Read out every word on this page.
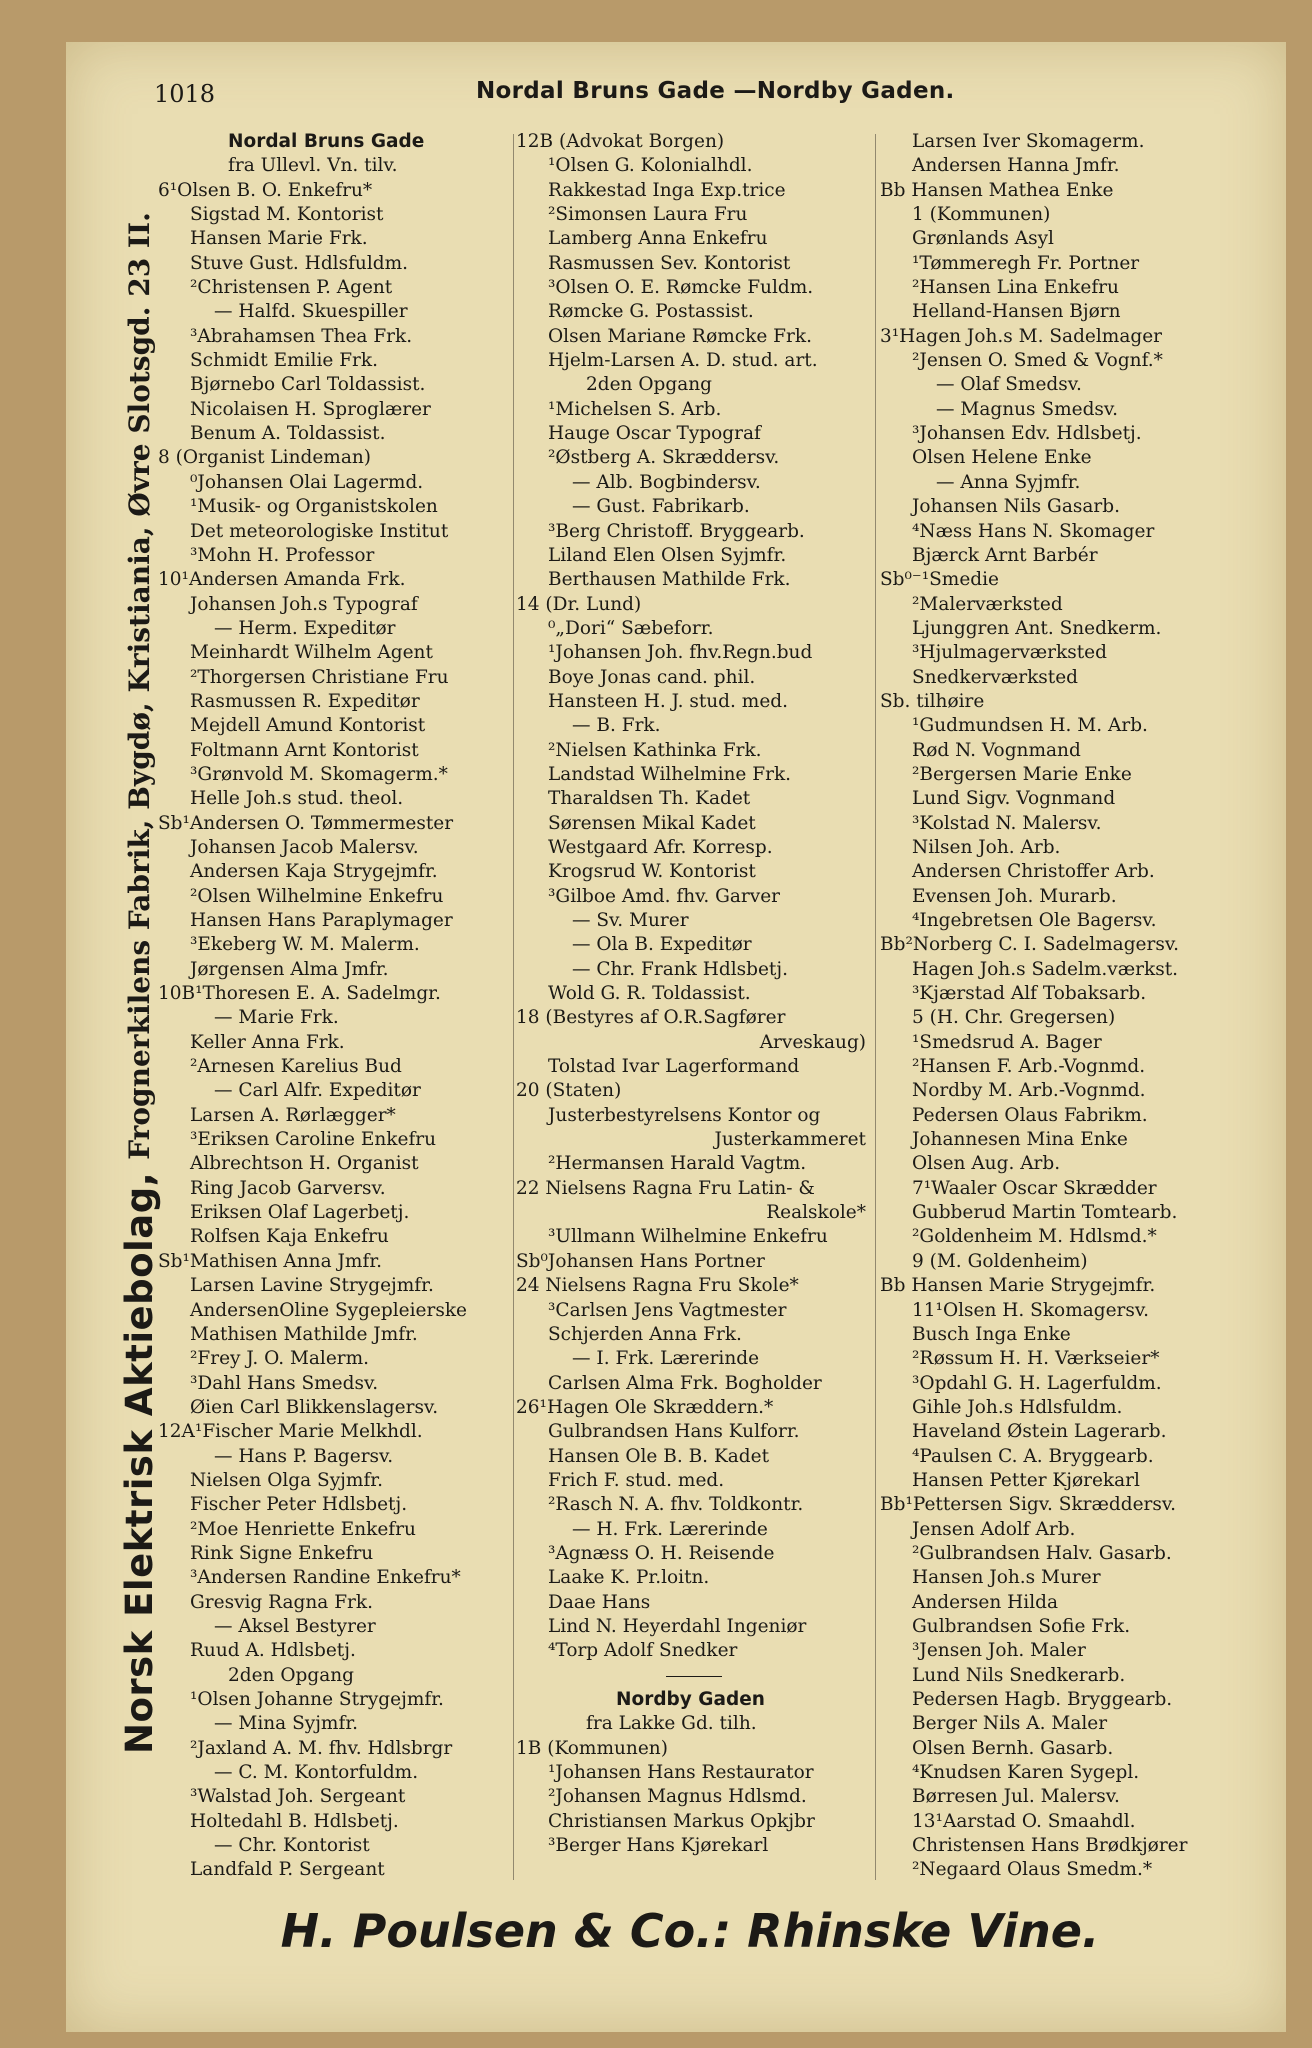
1018	Nordal Bruns Gade —Nordby Gaden.
Norsk Elektrisk Aktiebolag,
Frognerkilens Fabrik, Bygdø, Kristiania, Øvre Slotsgd. 23 II.
Nordal Bruns Gade
fra Ullevl. Vn. tilv.
6¹Olsen B. O. Enkefru*
Sigstad M. Kontorist
Hansen Marie Frk.
Stuve Gust. Hdlsfuldm.
²Christensen P. Agent
— Halfd. Skuespiller
³Abrahamsen Thea Frk.
Schmidt Emilie Frk.
Bjørnebo Carl Toldassist.
Nicolaisen H. Sproglærer
Benum A. Toldassist.
8 (Organist Lindeman)
⁰Johansen Olai Lagermd.
¹Musik- og Organistskolen
Det meteorologiske Institut
³Mohn H. Professor
10¹Andersen Amanda Frk.
Johansen Joh.s Typograf
— Herm. Expeditør
Meinhardt Wilhelm Agent
²Thorgersen Christiane Fru
Rasmussen R. Expeditør
Mejdell Amund Kontorist
Foltmann Arnt Kontorist
³Grønvold M. Skomagerm.*
Helle Joh.s stud. theol.
Sb¹Andersen O. Tømmermester
Johansen Jacob Malersv.
Andersen Kaja Strygejmfr.
²Olsen Wilhelmine Enkefru
Hansen Hans Paraplymager
³Ekeberg W. M. Malerm.
Jørgensen Alma Jmfr.
10B¹Thoresen E. A. Sadelmgr.
— Marie Frk.
Keller Anna Frk.
²Arnesen Karelius Bud
— Carl Alfr. Expeditør
Larsen A. Rørlægger*
³Eriksen Caroline Enkefru
Albrechtson H. Organist
Ring Jacob Garversv.
Eriksen Olaf Lagerbetj.
Rolfsen Kaja Enkefru
Sb¹Mathisen Anna Jmfr.
Larsen Lavine Strygejmfr.
AndersenOline Sygepleierske
Mathisen Mathilde Jmfr.
²Frey J. O. Malerm.
³Dahl Hans Smedsv.
Øien Carl Blikkenslagersv.
12A¹Fischer Marie Melkhdl.
— Hans P. Bagersv.
Nielsen Olga Syjmfr.
Fischer Peter Hdlsbetj.
²Moe Henriette Enkefru
Rink Signe Enkefru
³Andersen Randine Enkefru*
Gresvig Ragna Frk.
— Aksel Bestyrer
Ruud A. Hdlsbetj.
2den Opgang
¹Olsen Johanne Strygejmfr.
— Mina Syjmfr.
²Jaxland A. M. fhv. Hdlsbrgr
— C. M. Kontorfuldm.
³Walstad Joh. Sergeant
Holtedahl B. Hdlsbetj.
— Chr. Kontorist
Landfald P. Sergeant
12B (Advokat Borgen)
¹Olsen G. Kolonialhdl.
Rakkestad Inga Exp.trice
²Simonsen Laura Fru
Lamberg Anna Enkefru
Rasmussen Sev. Kontorist
³Olsen O. E. Rømcke Fuldm.
Rømcke G. Postassist.
Olsen Mariane Rømcke Frk.
Hjelm-Larsen A. D. stud. art.
2den Opgang
¹Michelsen S. Arb.
Hauge Oscar Typograf
²Østberg A. Skræddersv.
— Alb. Bogbindersv.
— Gust. Fabrikarb.
³Berg Christoff. Bryggearb.
Liland Elen Olsen Syjmfr.
Berthausen Mathilde Frk.
14 (Dr. Lund)
⁰„Dori“ Sæbeforr.
¹Johansen Joh. fhv.Regn.bud
Boye Jonas cand. phil.
Hansteen H. J. stud. med.
— B. Frk.
²Nielsen Kathinka Frk.
Landstad Wilhelmine Frk.
Tharaldsen Th. Kadet
Sørensen Mikal Kadet
Westgaard Afr. Korresp.
Krogsrud W. Kontorist
³Gilboe Amd. fhv. Garver
— Sv. Murer
— Ola B. Expeditør
— Chr. Frank Hdlsbetj.
Wold G. R. Toldassist.
18 (Bestyres af O.R.Sagfører
Arveskaug)
Tolstad Ivar Lagerformand
20 (Staten)
Justerbestyrelsens Kontor og
Justerkammeret
²Hermansen Harald Vagtm.
22 Nielsens Ragna Fru Latin- &
Realskole*
³Ullmann Wilhelmine Enkefru
Sb⁰Johansen Hans Portner
24 Nielsens Ragna Fru Skole*
³Carlsen Jens Vagtmester
Schjerden Anna Frk.
— I. Frk. Lærerinde
Carlsen Alma Frk. Bogholder
26¹Hagen Ole Skræddern.*
Gulbrandsen Hans Kulforr.
Hansen Ole B. B. Kadet
Frich F. stud. med.
²Rasch N. A. fhv. Toldkontr.
— H. Frk. Lærerinde
³Agnæss O. H. Reisende
Laake K. Pr.loitn.
Daae Hans
Lind N. Heyerdahl Ingeniør
⁴Torp Adolf Snedker
Nordby Gaden
fra Lakke Gd. tilh.
1B (Kommunen)
¹Johansen Hans Restaurator
²Johansen Magnus Hdlsmd.
Christiansen Markus Opkjbr
³Berger Hans Kjørekarl
Larsen Iver Skomagerm.
Andersen Hanna Jmfr.
Bb Hansen Mathea Enke
1 (Kommunen)
Grønlands Asyl
¹Tømmeregh Fr. Portner
²Hansen Lina Enkefru
Helland-Hansen Bjørn
3¹Hagen Joh.s M. Sadelmager
²Jensen O. Smed & Vognf.*
— Olaf Smedsv.
— Magnus Smedsv.
³Johansen Edv. Hdlsbetj.
Olsen Helene Enke
— Anna Syjmfr.
Johansen Nils Gasarb.
⁴Næss Hans N. Skomager
Bjærck Arnt Barbér
Sb⁰⁻¹Smedie
²Malerværksted
Ljunggren Ant. Snedkerm.
³Hjulmagerværksted
Snedkerværksted
Sb. tilhøire
¹Gudmundsen H. M. Arb.
Rød N. Vognmand
²Bergersen Marie Enke
Lund Sigv. Vognmand
³Kolstad N. Malersv.
Nilsen Joh. Arb.
Andersen Christoffer Arb.
Evensen Joh. Murarb.
⁴Ingebretsen Ole Bagersv.
Bb²Norberg C. I. Sadelmagersv.
Hagen Joh.s Sadelm.værkst.
³Kjærstad Alf Tobaksarb.
5 (H. Chr. Gregersen)
¹Smedsrud A. Bager
²Hansen F. Arb.-Vognmd.
Nordby M. Arb.-Vognmd.
Pedersen Olaus Fabrikm.
Johannesen Mina Enke
Olsen Aug. Arb.
7¹Waaler Oscar Skrædder
Gubberud Martin Tomtearb.
²Goldenheim M. Hdlsmd.*
9 (M. Goldenheim)
Bb Hansen Marie Strygejmfr.
11¹Olsen H. Skomagersv.
Busch Inga Enke
²Røssum H. H. Værkseier*
³Opdahl G. H. Lagerfuldm.
Gihle Joh.s Hdlsfuldm.
Haveland Østein Lagerarb.
⁴Paulsen C. A. Bryggearb.
Hansen Petter Kjørekarl
Bb¹Pettersen Sigv. Skræddersv.
Jensen Adolf Arb.
²Gulbrandsen Halv. Gasarb.
Hansen Joh.s Murer
Andersen Hilda
Gulbrandsen Sofie Frk.
³Jensen Joh. Maler
Lund Nils Snedkerarb.
Pedersen Hagb. Bryggearb.
Berger Nils A. Maler
Olsen Bernh. Gasarb.
⁴Knudsen Karen Sygepl.
Børresen Jul. Malersv.
13¹Aarstad O. Smaahdl.
Christensen Hans Brødkjører
²Negaard Olaus Smedm.*
H. Poulsen & Co.: Rhinske Vine.
